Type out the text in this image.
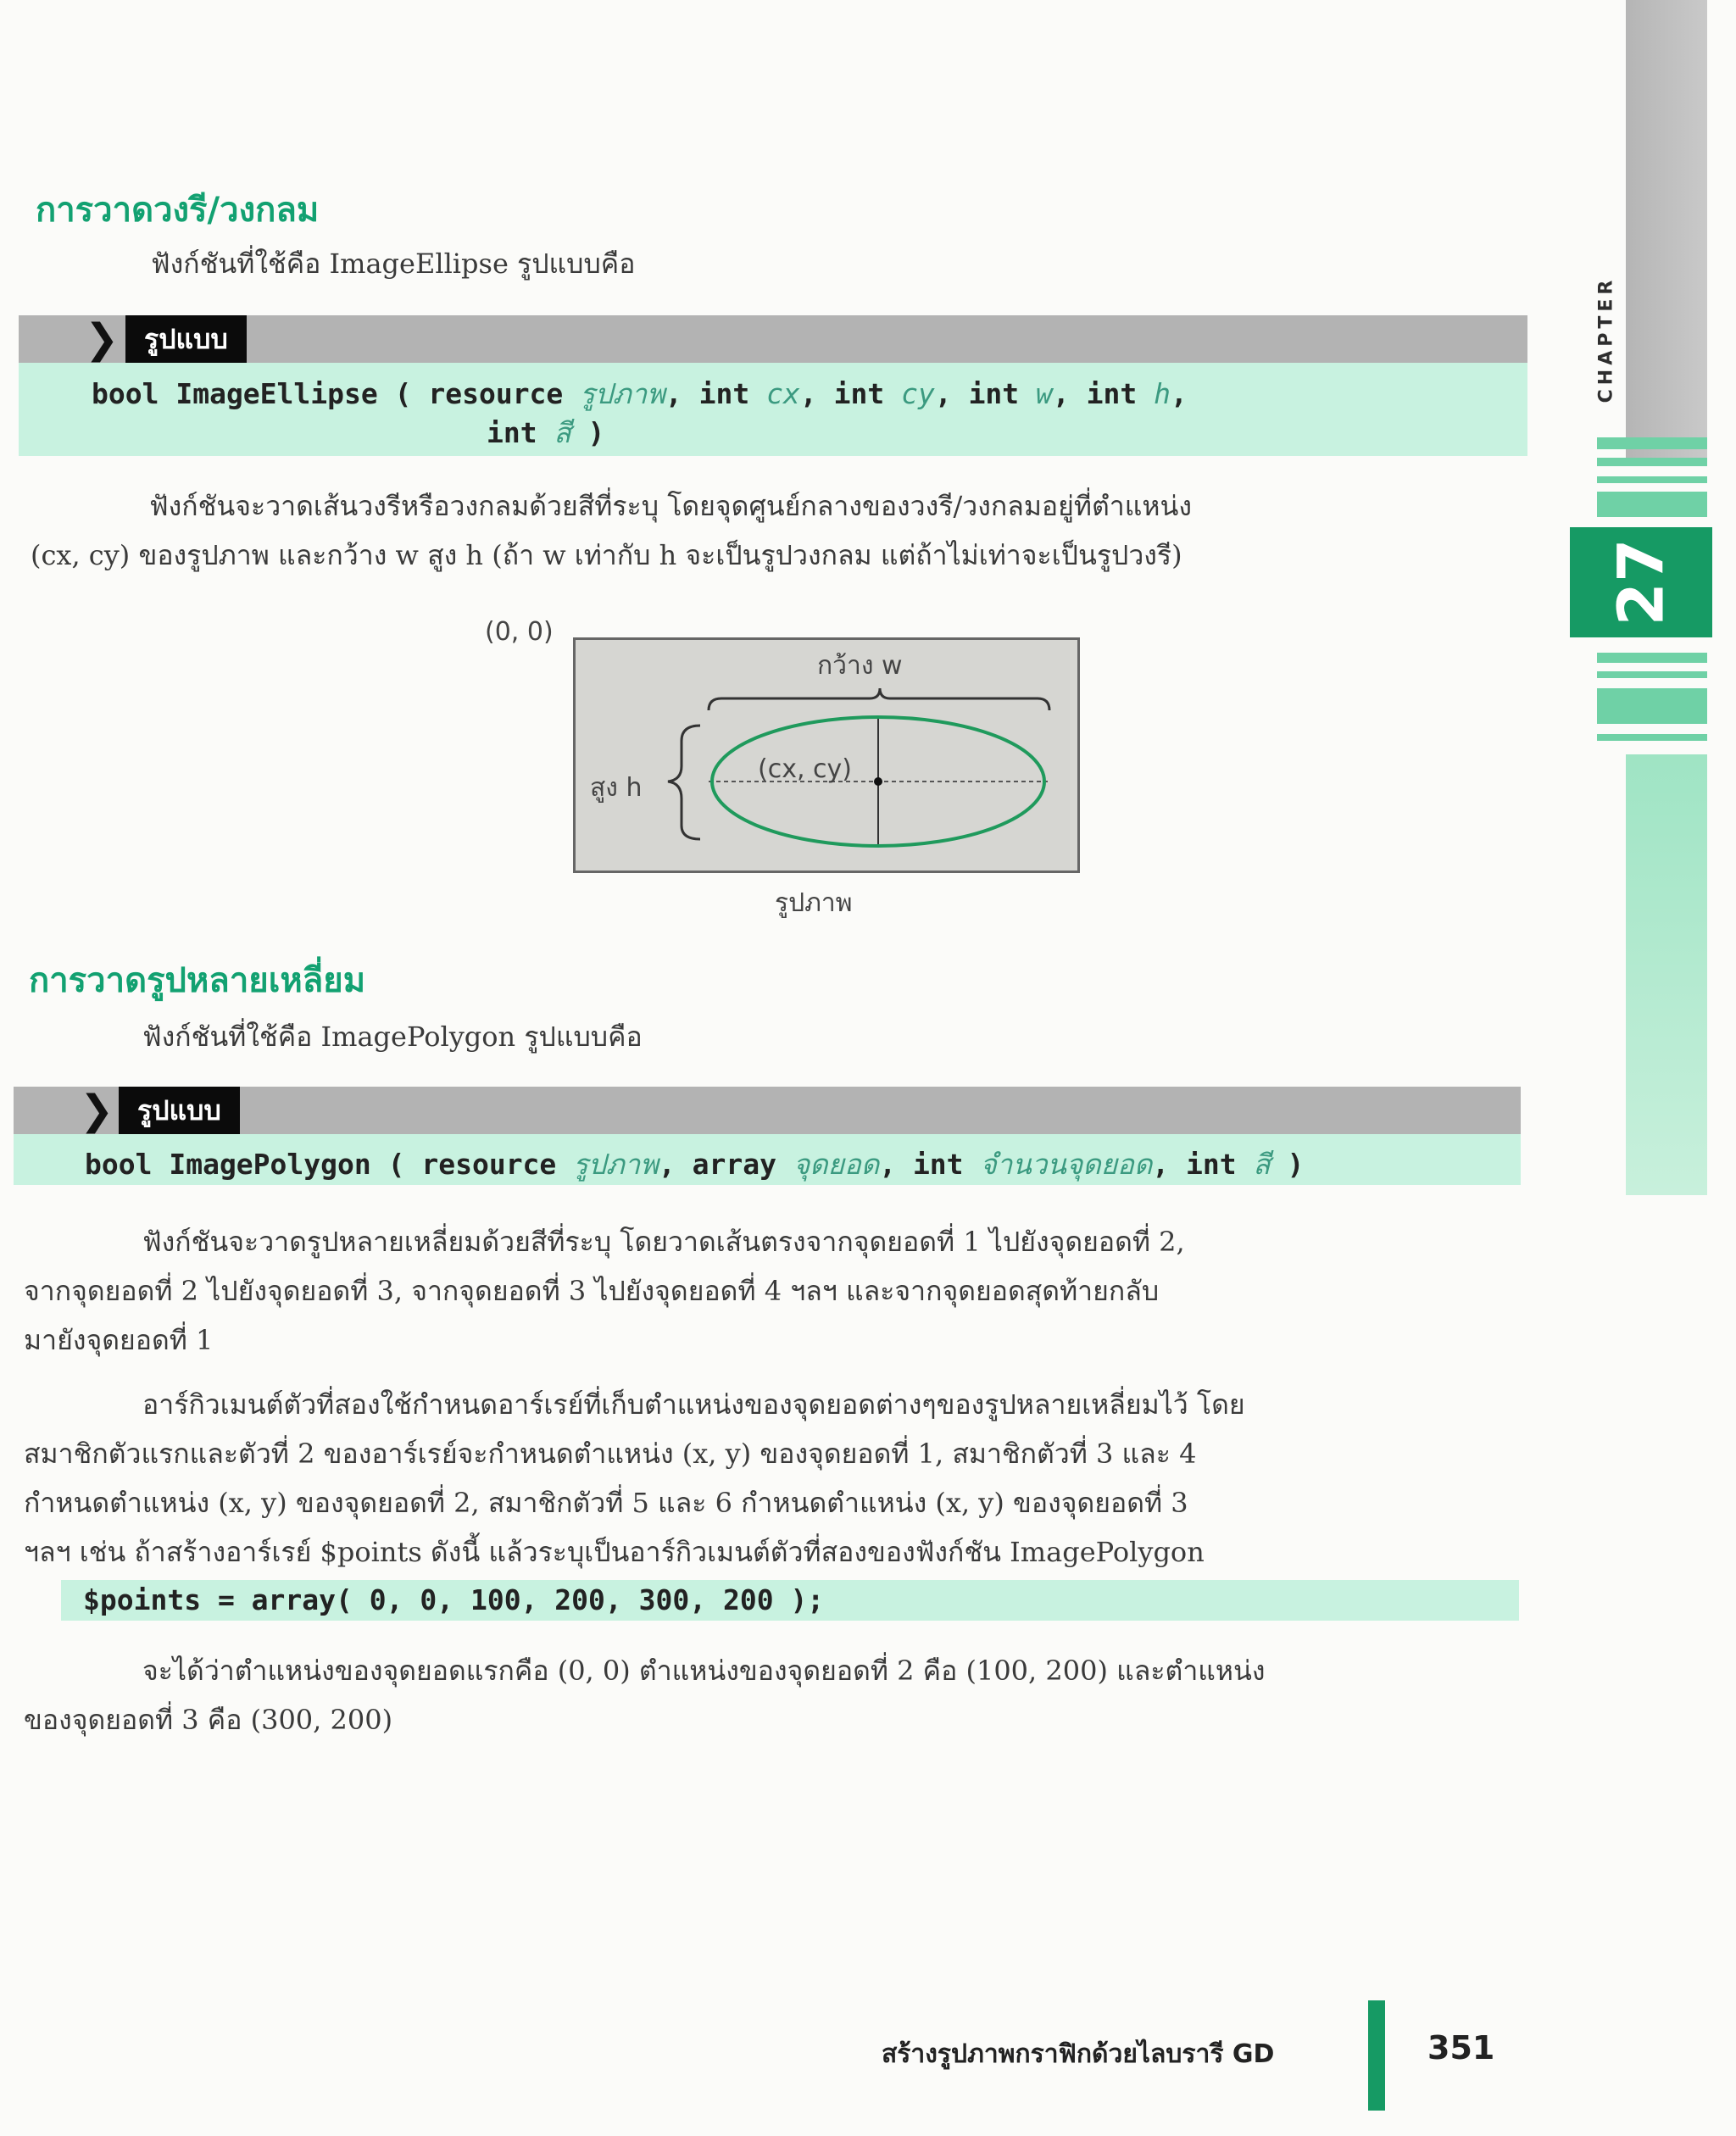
CHAPTER
27
การวาดวงรี/วงกลม
ฟังก์ชันที่ใช้คือ ImageEllipse รูปแบบคือ
❯ รูปแบบ
bool ImageEllipse ( resource รูปภาพ, int cx, int cy, int w, int h,
int สี )
ฟังก์ชันจะวาดเส้นวงรีหรือวงกลมด้วยสีที่ระบุ โดยจุดศูนย์กลางของวงรี/วงกลมอยู่ที่ตำแหน่ง
(cx, cy) ของรูปภาพ และกว้าง w สูง h (ถ้า w เท่ากับ h จะเป็นรูปวงกลม แต่ถ้าไม่เท่าจะเป็นรูปวงรี)
(0, 0)
กว้าง w
สูง h
(cx, cy)
รูปภาพ
การวาดรูปหลายเหลี่ยม
ฟังก์ชันที่ใช้คือ ImagePolygon รูปแบบคือ
❯ รูปแบบ
bool ImagePolygon ( resource รูปภาพ, array จุดยอด, int จำนวนจุดยอด, int สี )
ฟังก์ชันจะวาดรูปหลายเหลี่ยมด้วยสีที่ระบุ โดยวาดเส้นตรงจากจุดยอดที่ 1 ไปยังจุดยอดที่ 2,
จากจุดยอดที่ 2 ไปยังจุดยอดที่ 3, จากจุดยอดที่ 3 ไปยังจุดยอดที่ 4 ฯลฯ และจากจุดยอดสุดท้ายกลับ
มายังจุดยอดที่ 1
อาร์กิวเมนต์ตัวที่สองใช้กำหนดอาร์เรย์ที่เก็บตำแหน่งของจุดยอดต่างๆของรูปหลายเหลี่ยมไว้ โดย
สมาชิกตัวแรกและตัวที่ 2 ของอาร์เรย์จะกำหนดตำแหน่ง (x, y) ของจุดยอดที่ 1, สมาชิกตัวที่ 3 และ 4
กำหนดตำแหน่ง (x, y) ของจุดยอดที่ 2, สมาชิกตัวที่ 5 และ 6 กำหนดตำแหน่ง (x, y) ของจุดยอดที่ 3
ฯลฯ เช่น ถ้าสร้างอาร์เรย์ $points ดังนี้ แล้วระบุเป็นอาร์กิวเมนต์ตัวที่สองของฟังก์ชัน ImagePolygon
$points = array( 0, 0, 100, 200, 300, 200 );
จะได้ว่าตำแหน่งของจุดยอดแรกคือ (0, 0) ตำแหน่งของจุดยอดที่ 2 คือ (100, 200) และตำแหน่ง
ของจุดยอดที่ 3 คือ (300, 200)
สร้างรูปภาพกราฟิกด้วยไลบรารี GD	351
